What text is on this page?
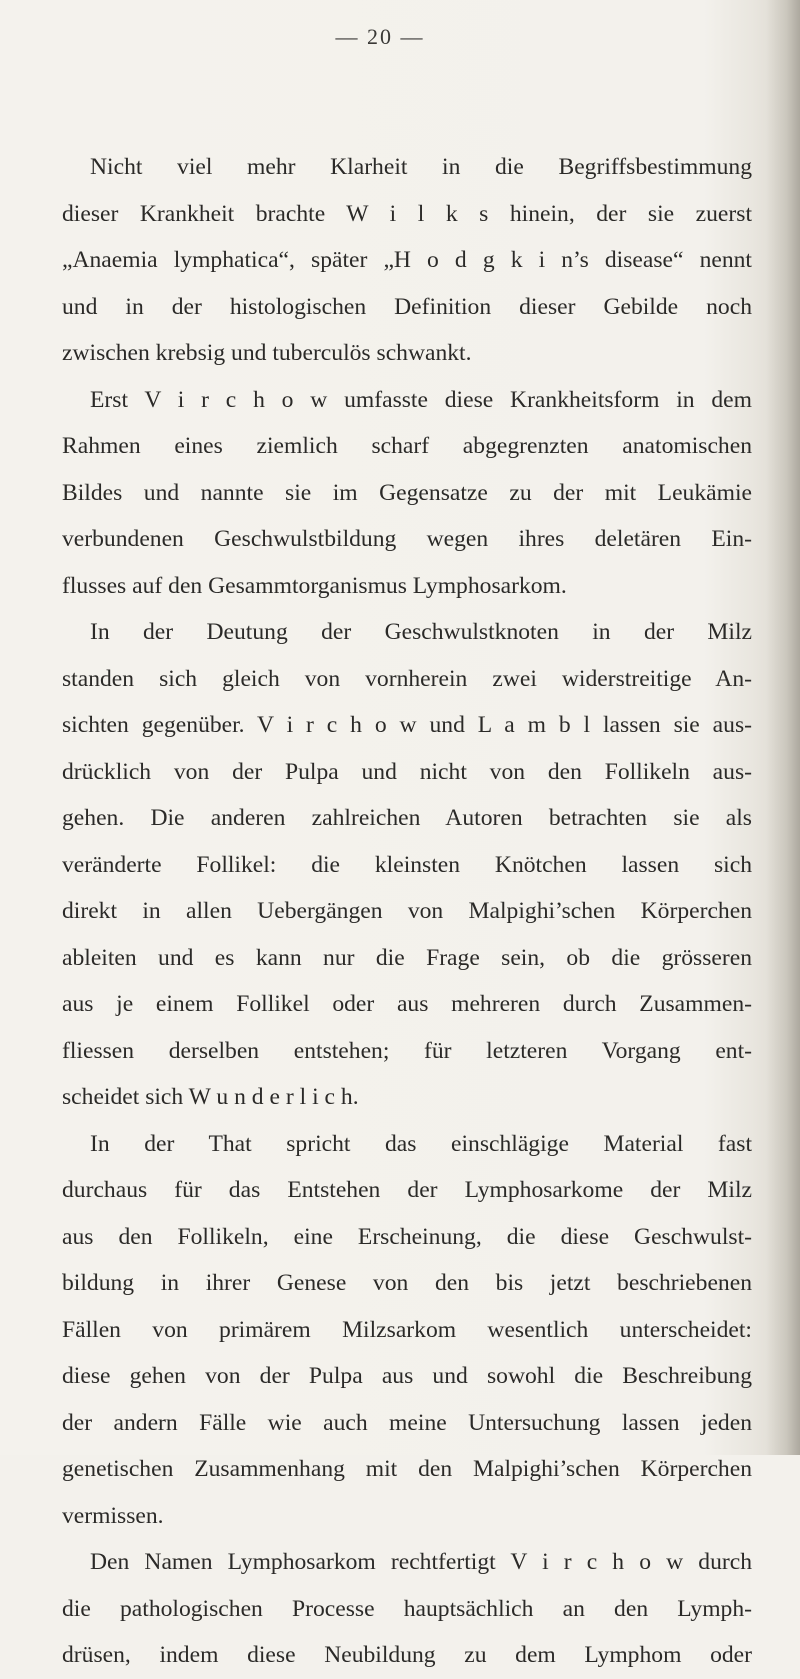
— 20 —
Nicht viel mehr Klarheit in die Begriffsbestimmung
dieser Krankheit brachte W i l k s hinein, der sie zuerst
„Anaemia lymphatica“, später „H o d g k i n’s disease“ nennt
und in der histologischen Definition dieser Gebilde noch
zwischen krebsig und tuberculös schwankt.
Erst V i r c h o w umfasste diese Krankheitsform in dem
Rahmen eines ziemlich scharf abgegrenzten anatomischen
Bildes und nannte sie im Gegensatze zu der mit Leukämie
verbundenen Geschwulstbildung wegen ihres deletären Ein-
flusses auf den Gesammtorganismus Lymphosarkom.
In der Deutung der Geschwulstknoten in der Milz
standen sich gleich von vornherein zwei widerstreitige An-
sichten gegenüber. V i r c h o w und L a m b l lassen sie aus-
drücklich von der Pulpa und nicht von den Follikeln aus-
gehen. Die anderen zahlreichen Autoren betrachten sie als
veränderte Follikel: die kleinsten Knötchen lassen sich
direkt in allen Uebergängen von Malpighi’schen Körperchen
ableiten und es kann nur die Frage sein, ob die grösseren
aus je einem Follikel oder aus mehreren durch Zusammen-
fliessen derselben entstehen; für letzteren Vorgang ent-
scheidet sich W u n d e r l i c h.
In der That spricht das einschlägige Material fast
durchaus für das Entstehen der Lymphosarkome der Milz
aus den Follikeln, eine Erscheinung, die diese Geschwulst-
bildung in ihrer Genese von den bis jetzt beschriebenen
Fällen von primärem Milzsarkom wesentlich unterscheidet:
diese gehen von der Pulpa aus und sowohl die Beschreibung
der andern Fälle wie auch meine Untersuchung lassen jeden
genetischen Zusammenhang mit den Malpighi’schen Körperchen
vermissen.
Den Namen Lymphosarkom rechtfertigt V i r c h o w durch
die pathologischen Processe hauptsächlich an den Lymph-
drüsen, indem diese Neubildung zu dem Lymphom oder
